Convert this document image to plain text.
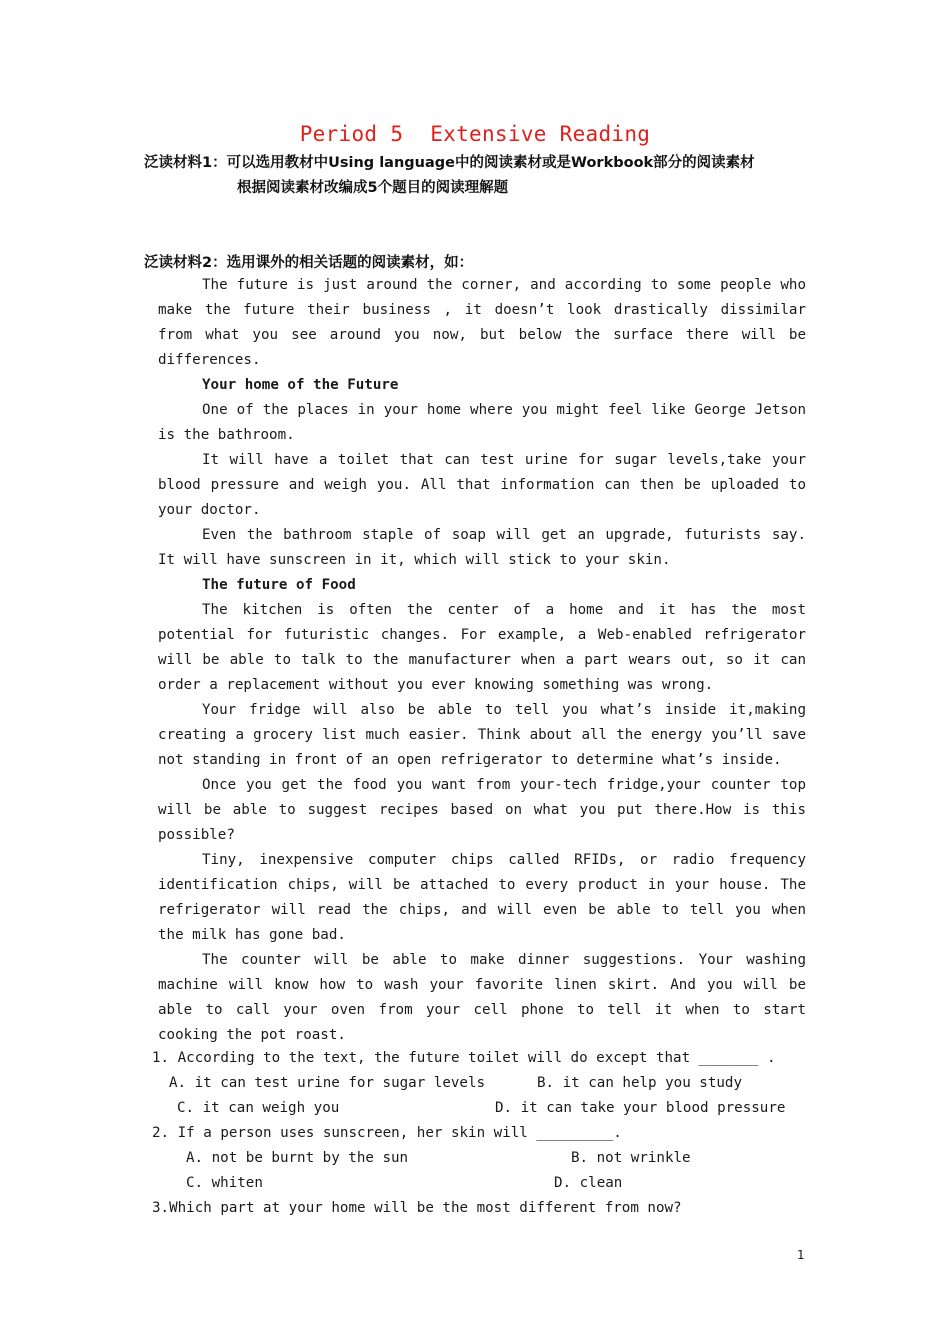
Period 5 Extensive Reading
泛读材料1：可以选用教材中Using language中的阅读素材或是Workbook部分的阅读素材
根据阅读素材改编成5个题目的阅读理解题
泛读材料2：选用课外的相关话题的阅读素材，如：

The future is just around the corner, and according to some people who make the future their business , it doesn’t look drastically dissimilar from what you see around you now, but below the surface there will be differences.

Your home of the Future

One of the places in your home where you might feel like George Jetson is the bathroom.

It will have a toilet that can test urine for sugar levels,take your blood pressure and weigh you. All that information can then be uploaded to your doctor.

Even the bathroom staple of soap will get an upgrade, futurists say. It will have sunscreen in it, which will stick to your skin.

The future of Food

The kitchen is often the center of a home and it has the most potential for futuristic changes. For example, a Web-enabled refrigerator will be able to talk to the manufacturer when a part wears out, so it can order a replacement without you ever knowing something was wrong.

Your fridge will also be able to tell you what’s inside it,making creating a grocery list much easier. Think about all the energy you’ll save not standing in front of an open refrigerator to determine what’s inside.

Once you get the food you want from your-tech fridge,your counter top will be able to suggest recipes based on what you put there.How is this possible?

Tiny, inexpensive computer chips called RFIDs, or radio frequency identification chips, will be attached to every product in your house. The refrigerator will read the chips, and will even be able to tell you when the milk has gone bad.

The counter will be able to make dinner suggestions. Your washing machine will know how to wash your favorite linen skirt. And you will be able to call your oven from your cell phone to tell it when to start cooking the pot roast.

1. According to the text, the future toilet will do except that _______ .
A. it can test urine for sugar levels	B. it can help you study
C. it can weigh you	D. it can take your blood pressure
2. If a person uses sunscreen, her skin will _________.
A. not be burnt by the sun	B. not wrinkle
C. whiten	D. clean
3.Which part at your home will be the most different from now?
1
